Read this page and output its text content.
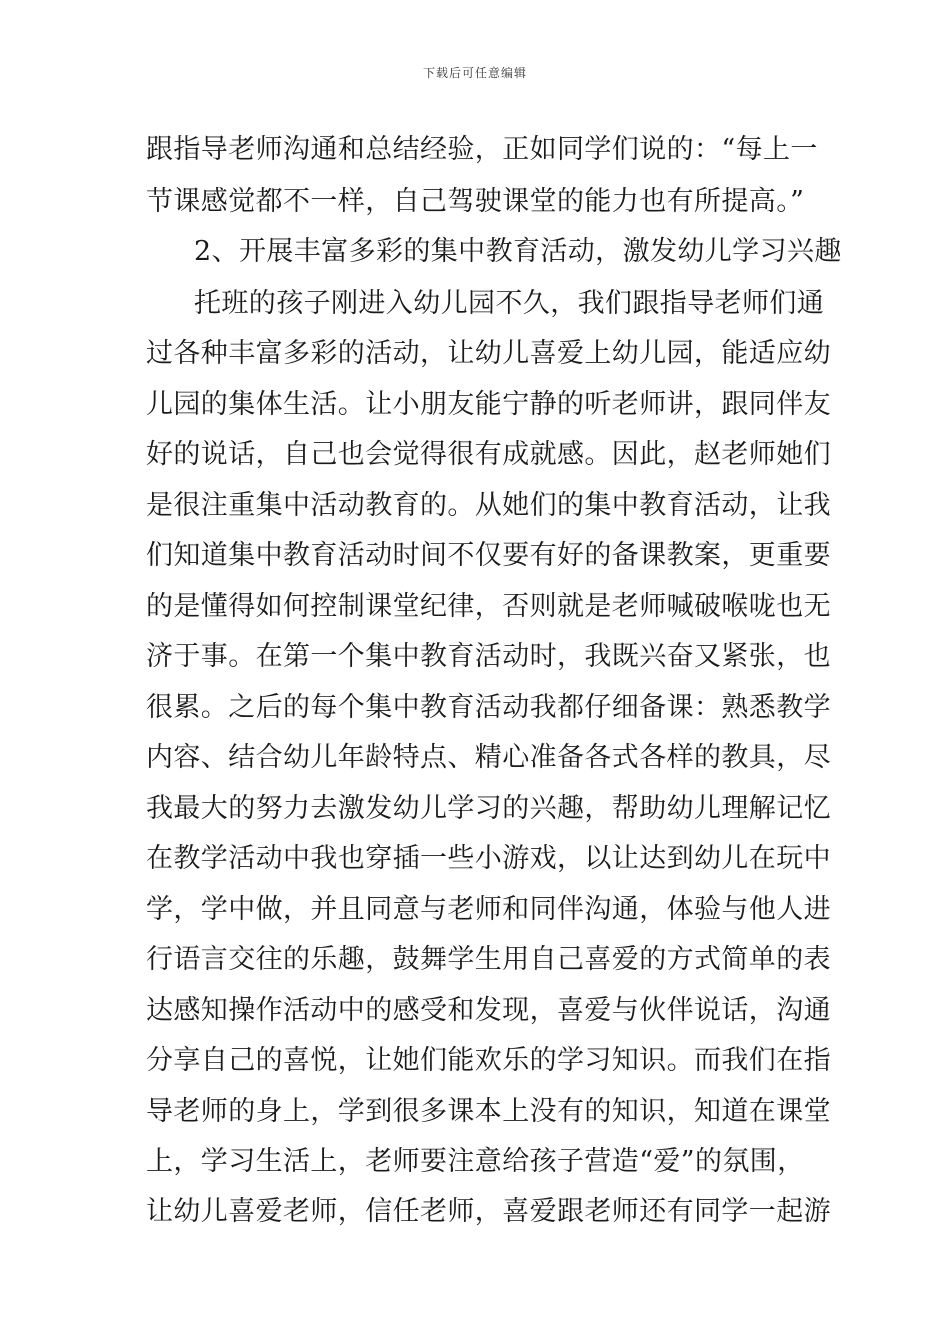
下载后可任意编辑
跟指导老师沟通和总结经验，正如同学们说的：“每上一
节课感觉都不一样，自己驾驶课堂的能力也有所提高。”
2、开展丰富多彩的集中教育活动，激发幼儿学习兴趣
托班的孩子刚进入幼儿园不久，我们跟指导老师们通
过各种丰富多彩的活动，让幼儿喜爱上幼儿园，能适应幼
儿园的集体生活。让小朋友能宁静的听老师讲，跟同伴友
好的说话，自己也会觉得很有成就感。因此，赵老师她们
是很注重集中活动教育的。从她们的集中教育活动，让我
们知道集中教育活动时间不仅要有好的备课教案，更重要
的是懂得如何控制课堂纪律，否则就是老师喊破喉咙也无
济于事。在第一个集中教育活动时，我既兴奋又紧张，也
很累。之后的每个集中教育活动我都仔细备课：熟悉教学
内容、结合幼儿年龄特点、精心准备各式各样的教具，尽
我最大的努力去激发幼儿学习的兴趣，帮助幼儿理解记忆
在教学活动中我也穿插一些小游戏，以让达到幼儿在玩中
学，学中做，并且同意与老师和同伴沟通，体验与他人进
行语言交往的乐趣，鼓舞学生用自己喜爱的方式简单的表
达感知操作活动中的感受和发现，喜爱与伙伴说话，沟通
分享自己的喜悦，让她们能欢乐的学习知识。而我们在指
导老师的身上，学到很多课本上没有的知识，知道在课堂
上，学习生活上，老师要注意给孩子营造“爱”的氛围，
让幼儿喜爱老师，信任老师，喜爱跟老师还有同学一起游
